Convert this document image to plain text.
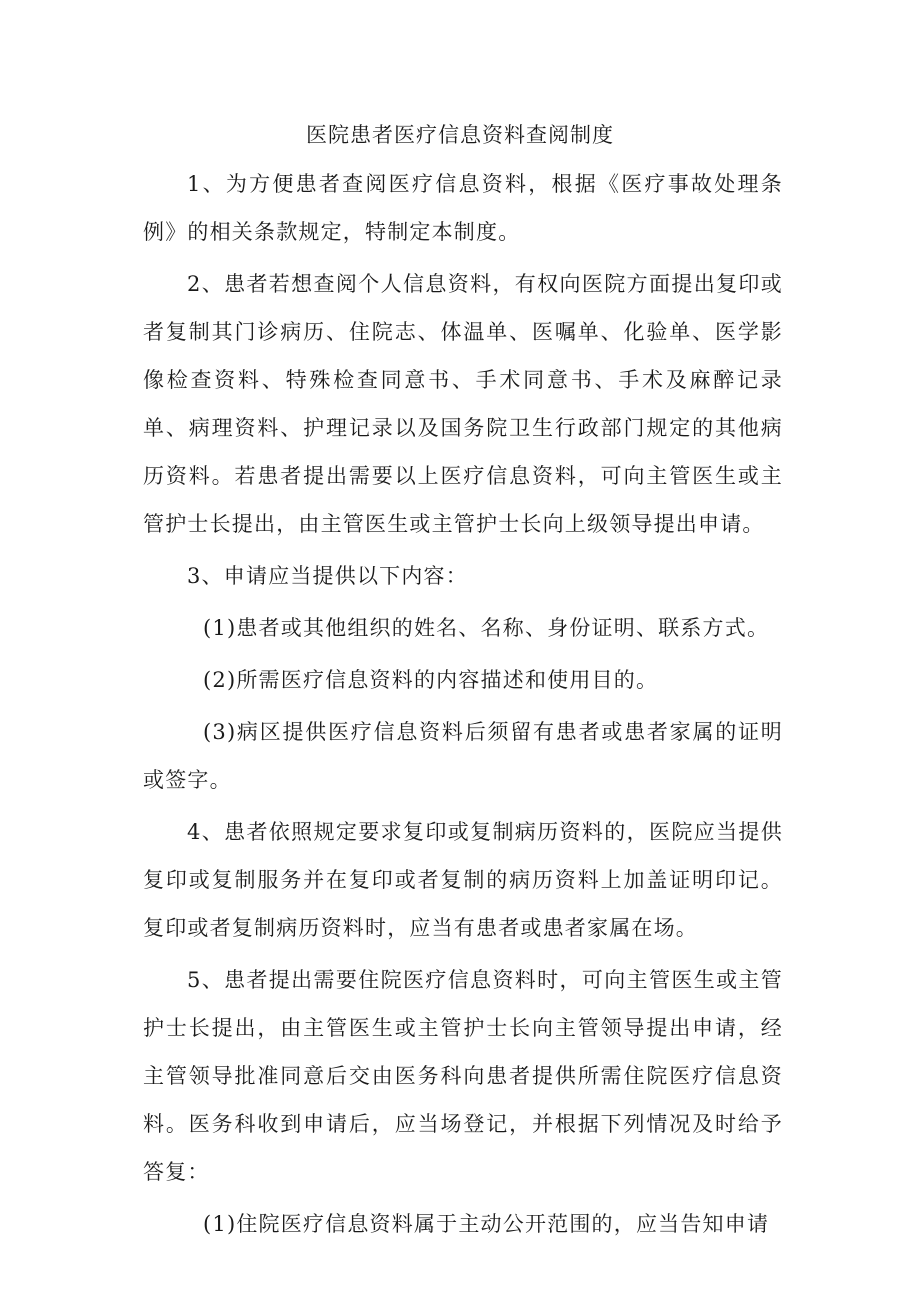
医院患者医疗信息资料查阅制度

1、为方便患者查阅医疗信息资料，根据《医疗事故处理条例》的相关条款规定，特制定本制度。

2、患者若想查阅个人信息资料，有权向医院方面提出复印或者复制其门诊病历、住院志、体温单、医嘱单、化验单、医学影像检查资料、特殊检查同意书、手术同意书、手术及麻醉记录单、病理资料、护理记录以及国务院卫生行政部门规定的其他病历资料。若患者提出需要以上医疗信息资料，可向主管医生或主管护士长提出，由主管医生或主管护士长向上级领导提出申请。

3、申请应当提供以下内容：

(1)患者或其他组织的姓名、名称、身份证明、联系方式。

(2)所需医疗信息资料的内容描述和使用目的。

(3)病区提供医疗信息资料后须留有患者或患者家属的证明或签字。

4、患者依照规定要求复印或复制病历资料的，医院应当提供复印或复制服务并在复印或者复制的病历资料上加盖证明印记。复印或者复制病历资料时，应当有患者或患者家属在场。

5、患者提出需要住院医疗信息资料时，可向主管医生或主管护士长提出，由主管医生或主管护士长向主管领导提出申请，经主管领导批准同意后交由医务科向患者提供所需住院医疗信息资料。医务科收到申请后，应当场登记，并根据下列情况及时给予答复：

(1)住院医疗信息资料属于主动公开范围的，应当告知申请
